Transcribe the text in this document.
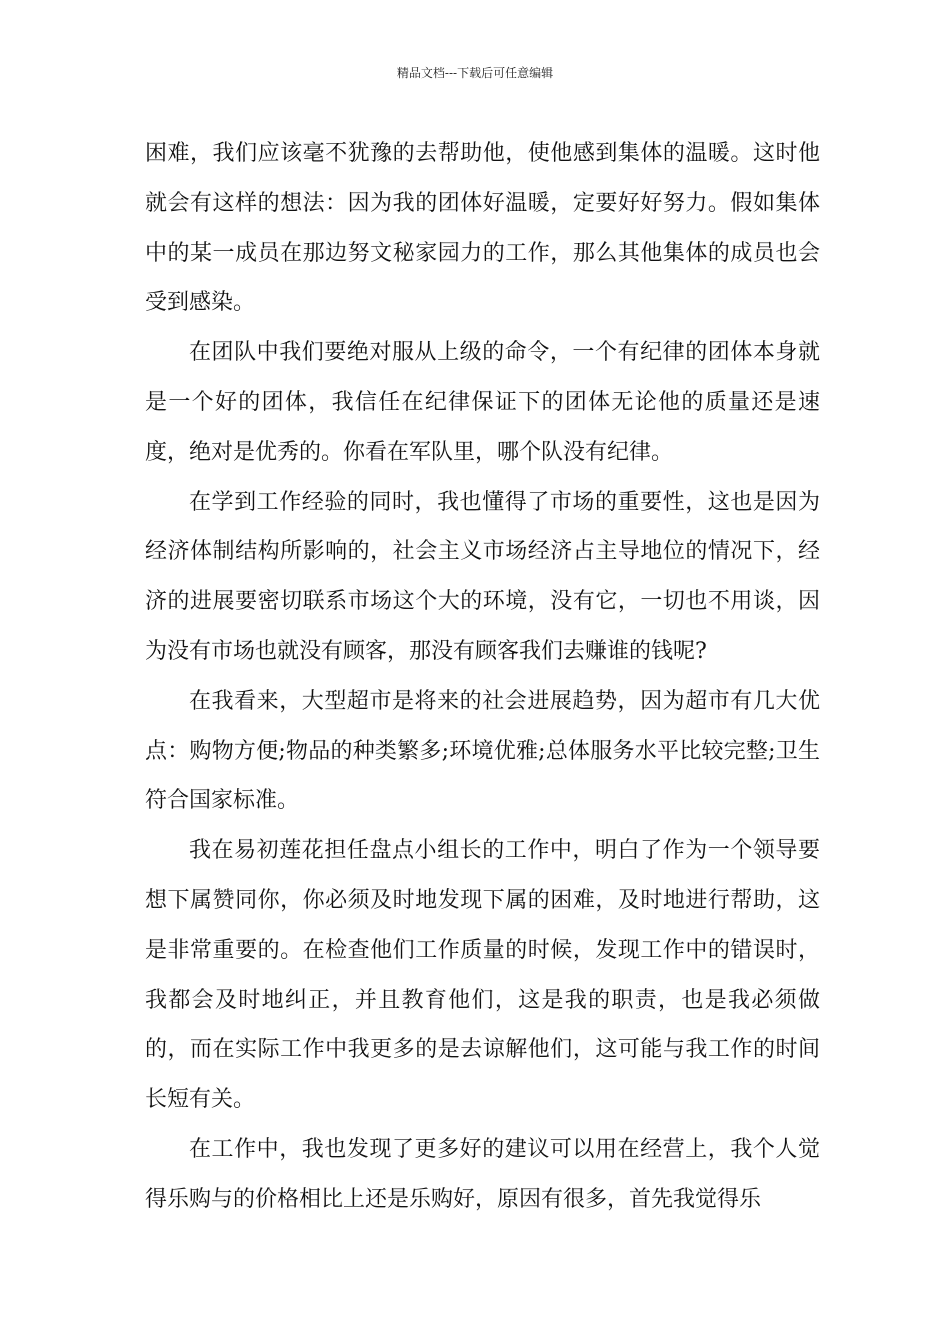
精品文档---下载后可任意编辑

困难，我们应该毫不犹豫的去帮助他，使他感到集体的温暖。这时他就会有这样的想法：因为我的团体好温暖，定要好好努力。假如集体中的某一成员在那边努文秘家园力的工作，那么其他集体的成员也会受到感染。

在团队中我们要绝对服从上级的命令，一个有纪律的团体本身就是一个好的团体，我信任在纪律保证下的团体无论他的质量还是速度，绝对是优秀的。你看在军队里，哪个队没有纪律。

在学到工作经验的同时，我也懂得了市场的重要性，这也是因为经济体制结构所影响的，社会主义市场经济占主导地位的情况下，经济的进展要密切联系市场这个大的环境，没有它，一切也不用谈，因为没有市场也就没有顾客，那没有顾客我们去赚谁的钱呢?

在我看来，大型超市是将来的社会进展趋势，因为超市有几大优点：购物方便;物品的种类繁多;环境优雅;总体服务水平比较完整;卫生符合国家标准。

我在易初莲花担任盘点小组长的工作中，明白了作为一个领导要想下属赞同你，你必须及时地发现下属的困难，及时地进行帮助，这是非常重要的。在检查他们工作质量的时候，发现工作中的错误时，我都会及时地纠正，并且教育他们，这是我的职责，也是我必须做的，而在实际工作中我更多的是去谅解他们，这可能与我工作的时间长短有关。

在工作中，我也发现了更多好的建议可以用在经营上，我个人觉得乐购与的价格相比上还是乐购好，原因有很多，首先我觉得乐
